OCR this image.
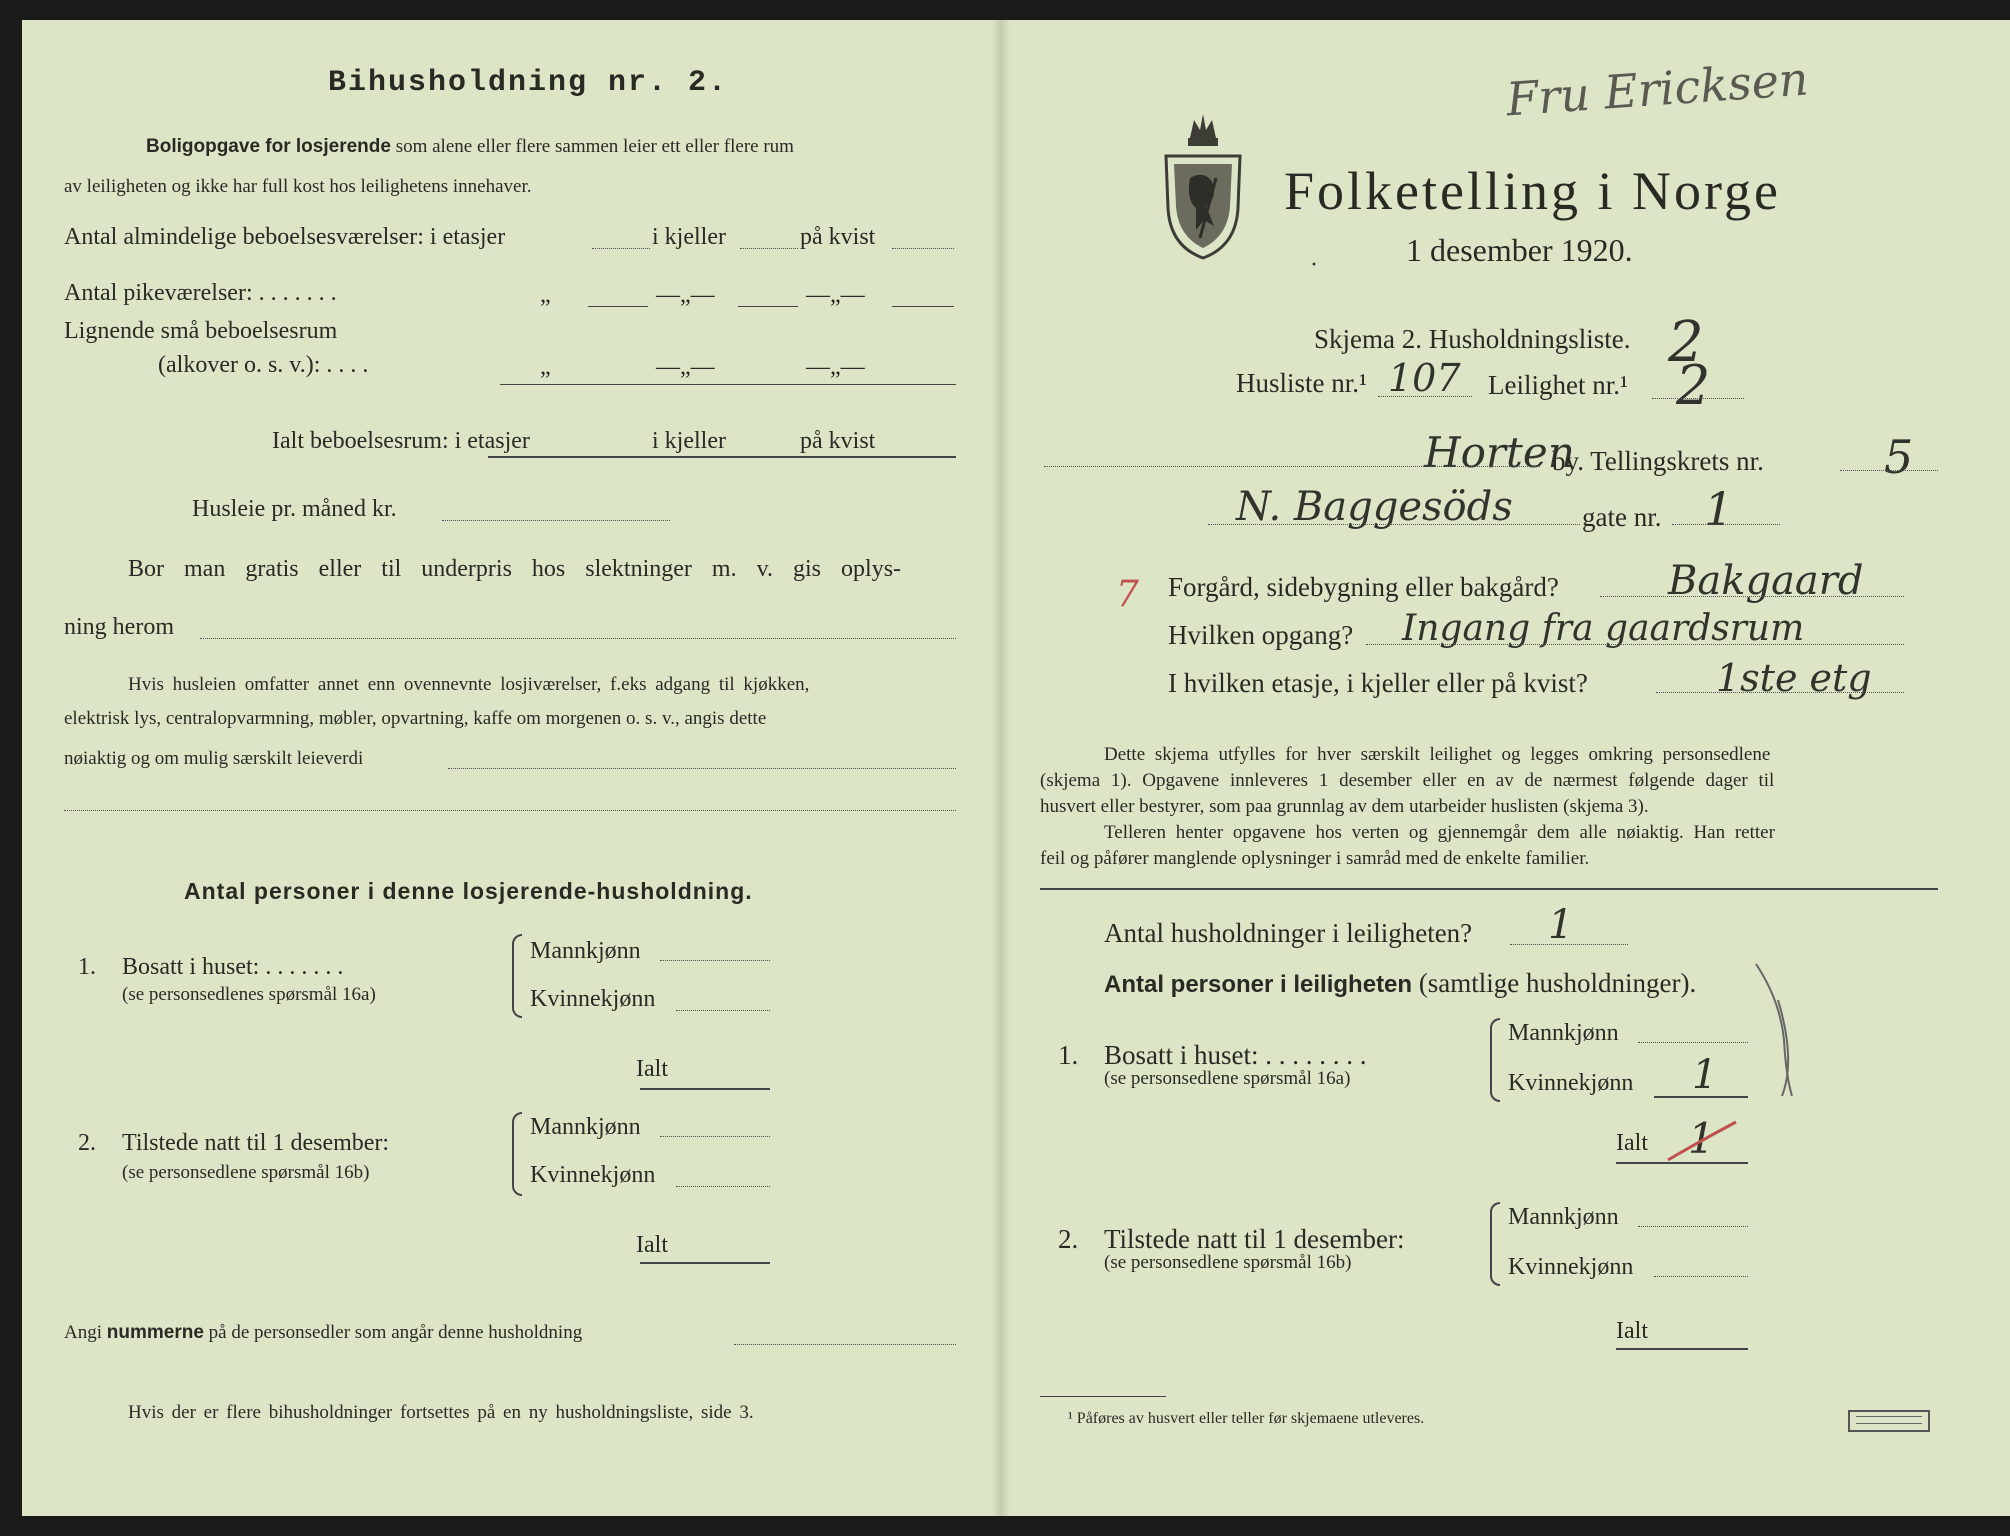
Bihusholdning nr. 2.
Boligopgave for losjerende som alene eller flere sammen leier ett eller flere rum
av leiligheten og ikke har full kost hos leilighetens innehaver.
Antal almindelige beboelsesværelser: i etasjer	i kjeller	på kvist
Antal pikeværelser: . . . . . . .	„	—„—	—„—
Lignende små beboelsesrum
(alkover o. s. v.): . . . .	„	—„—	—„—
Ialt beboelsesrum: i etasjer	i kjeller	på kvist
Husleie pr. måned kr.
Bor man gratis eller til underpris hos slektninger m. v. gis oplys-
ning herom
Hvis husleien omfatter annet enn ovennevnte losjiværelser, f.eks adgang til kjøkken,
elektrisk lys, centralopvarmning, møbler, opvartning, kaffe om morgenen o. s. v., angis dette
nøiaktig og om mulig særskilt leieverdi
Antal personer i denne losjerende-husholdning.
1. Bosatt i huset: . . . . . . .
(se personsedlenes spørsmål 16a)
Mannkjønn
Kvinnekjønn
Ialt
2. Tilstede natt til 1 desember:
(se personsedlene spørsmål 16b)
Mannkjønn
Kvinnekjønn
Ialt
Angi nummerne på de personsedler som angår denne husholdning
Hvis der er flere bihusholdninger fortsettes på en ny husholdningsliste, side 3.
Fru Ericksen
Folketelling i Norge
1 desember 1920.
·
Skjema 2. Husholdningsliste. 2
Husliste nr.¹ 107 Leilighet nr.¹ 2
Horten
by. Tellingskrets nr.	5
N. Baggesöds	gate nr. 1
7 Forgård, sidebygning eller bakgård?	Bakgaard
Hvilken opgang? Ingang fra gaardsrum
I hvilken etasje, i kjeller eller på kvist?	1ste etg
Dette skjema utfylles for hver særskilt leilighet og legges omkring personsedlene
(skjema 1). Opgavene innleveres 1 desember eller en av de nærmest følgende dager til
husvert eller bestyrer, som paa grunnlag av dem utarbeider huslisten (skjema 3).
Telleren henter opgavene hos verten og gjennemgår dem alle nøiaktig. Han retter
feil og påfører manglende oplysninger i samråd med de enkelte familier.
Antal husholdninger i leiligheten? 1
Antal personer i leiligheten (samtlige husholdninger).
1. Bosatt i huset: . . . . . . . .
(se personsedlene spørsmål 16a)
Mannkjønn
Kvinnekjønn 1
Ialt 1
2. Tilstede natt til 1 desember:
(se personsedlene spørsmål 16b)
Mannkjønn
Kvinnekjønn
Ialt
¹ Påføres av husvert eller teller før skjemaene utleveres.
